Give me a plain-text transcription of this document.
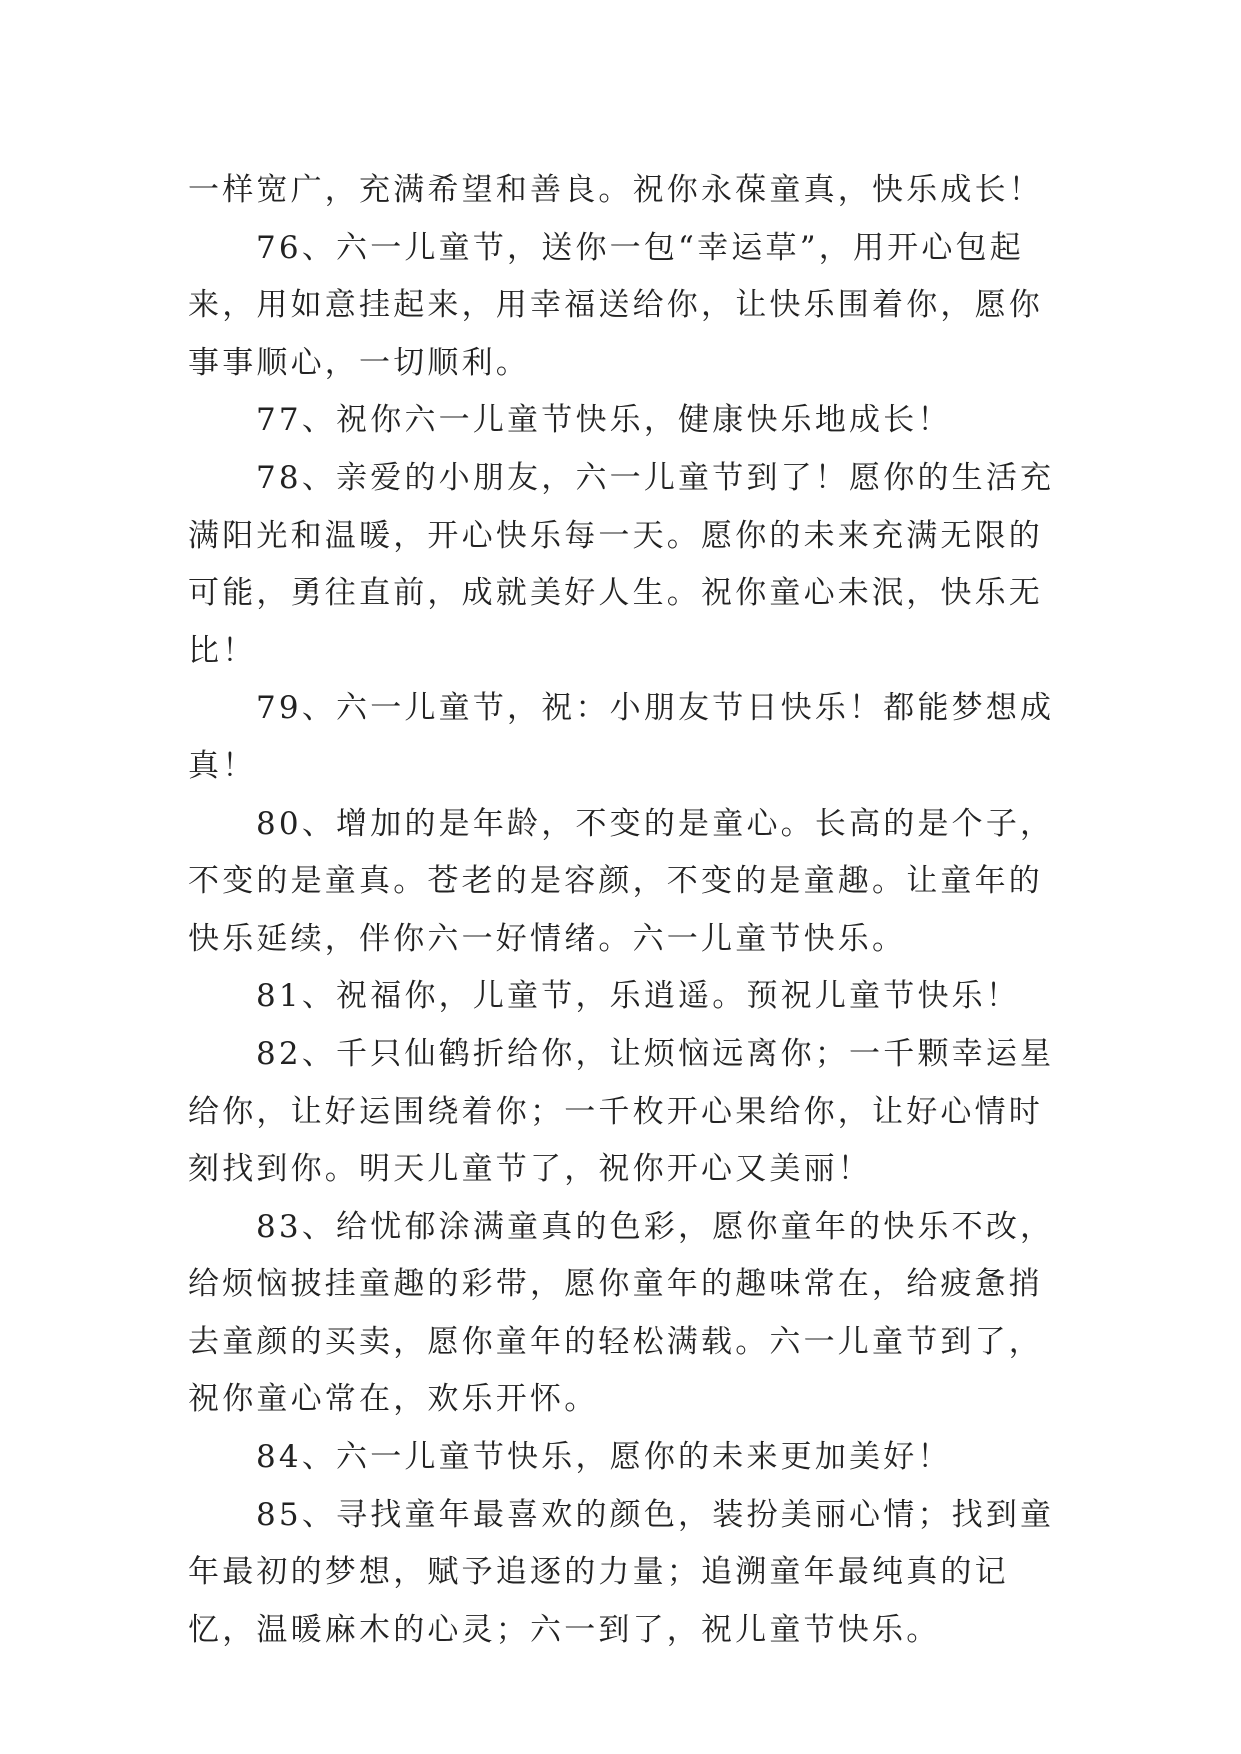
一样宽广，充满希望和善良。祝你永葆童真，快乐成长！

76、六一儿童节，送你一包“幸运草”，用开心包起来，用如意挂起来，用幸福送给你，让快乐围着你，愿你事事顺心，一切顺利。

77、祝你六一儿童节快乐，健康快乐地成长！

78、亲爱的小朋友，六一儿童节到了！愿你的生活充满阳光和温暖，开心快乐每一天。愿你的未来充满无限的可能，勇往直前，成就美好人生。祝你童心未泯，快乐无比！

79、六一儿童节，祝：小朋友节日快乐！都能梦想成真！

80、增加的是年龄，不变的是童心。长高的是个子，不变的是童真。苍老的是容颜，不变的是童趣。让童年的快乐延续，伴你六一好情绪。六一儿童节快乐。

81、祝福你，儿童节，乐逍遥。预祝儿童节快乐！

82、千只仙鹤折给你，让烦恼远离你；一千颗幸运星给你，让好运围绕着你；一千枚开心果给你，让好心情时刻找到你。明天儿童节了，祝你开心又美丽！

83、给忧郁涂满童真的色彩，愿你童年的快乐不改，给烦恼披挂童趣的彩带，愿你童年的趣味常在，给疲惫捎去童颜的买卖，愿你童年的轻松满载。六一儿童节到了，祝你童心常在，欢乐开怀。

84、六一儿童节快乐，愿你的未来更加美好！

85、寻找童年最喜欢的颜色，装扮美丽心情；找到童年最初的梦想，赋予追逐的力量；追溯童年最纯真的记忆，温暖麻木的心灵；六一到了，祝儿童节快乐。
